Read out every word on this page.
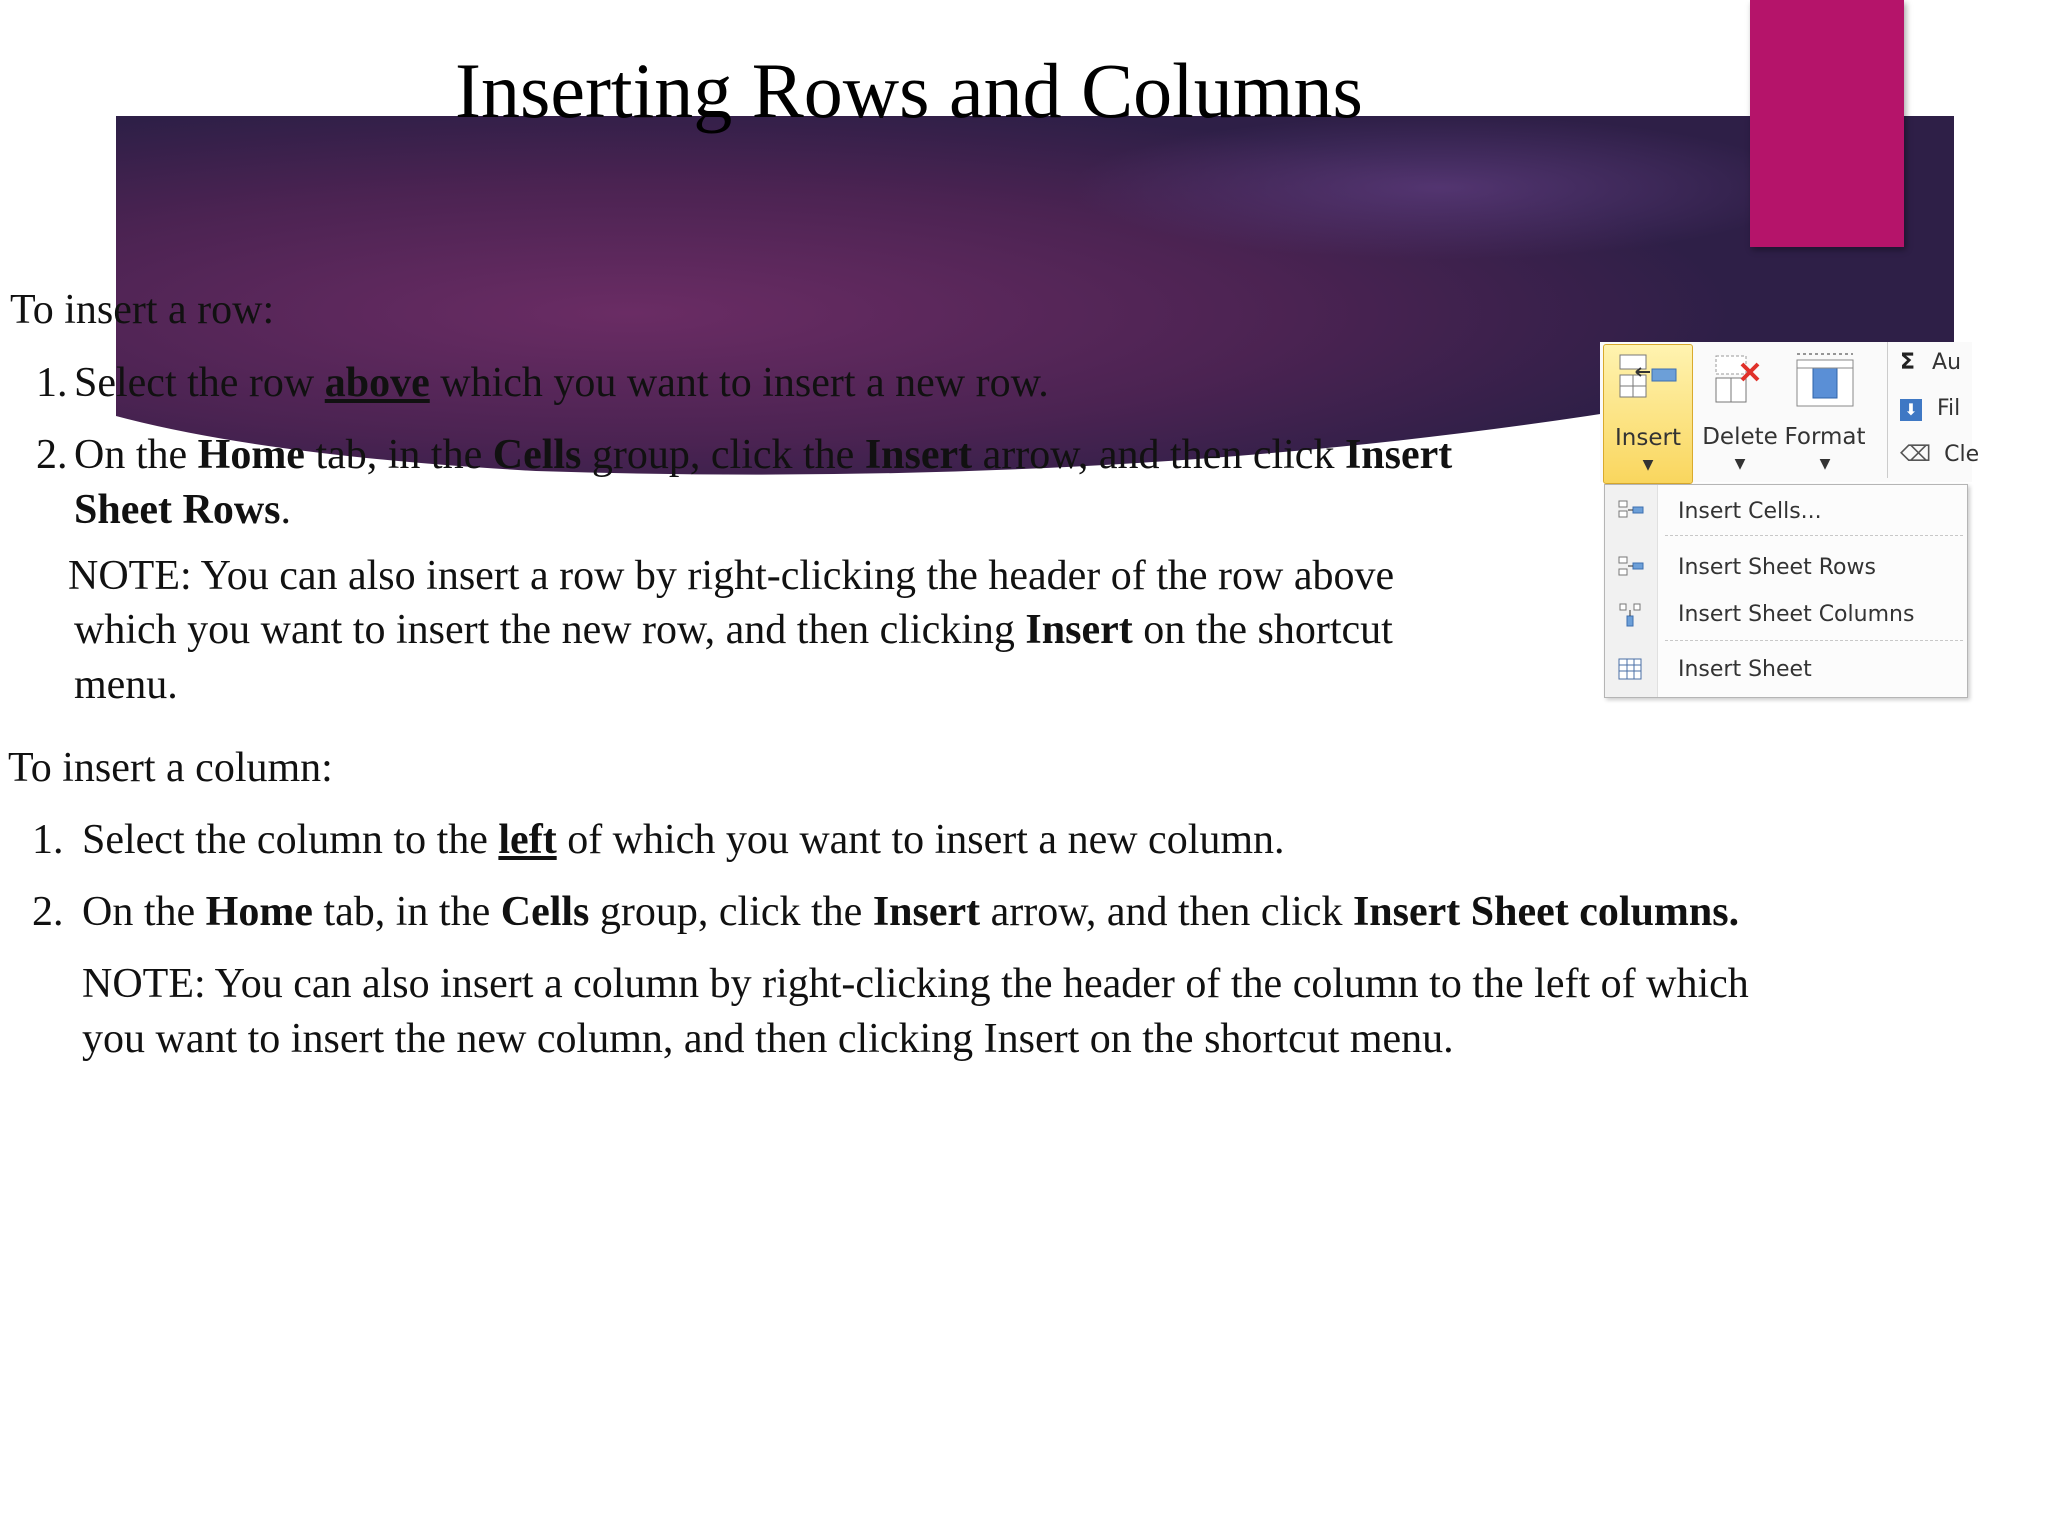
Inserting Rows and Columns
To insert a row:
1. Select the row above which you want to insert a new row.
2. On the Home tab, in the Cells group, click the Insert arrow, and then click Insert
Sheet Rows.
NOTE: You can also insert a row by right-clicking the header of the row above
which you want to insert the new row, and then clicking Insert on the shortcut
menu.
To insert a column:
1. Select the column to the left of which you want to insert a new column.
2. On the Home tab, in the Cells group, click the Insert arrow, and then click Insert Sheet columns.
NOTE: You can also insert a column by right-clicking the header of the column to the left of which
you want to insert the new column, and then clicking Insert on the shortcut menu.
Insert
▼
Delete
▼
Format
▼
Σ Au
⬇ Fil
⌫ Cle
Insert Cells...
Insert Sheet Rows
Insert Sheet Columns
Insert Sheet
